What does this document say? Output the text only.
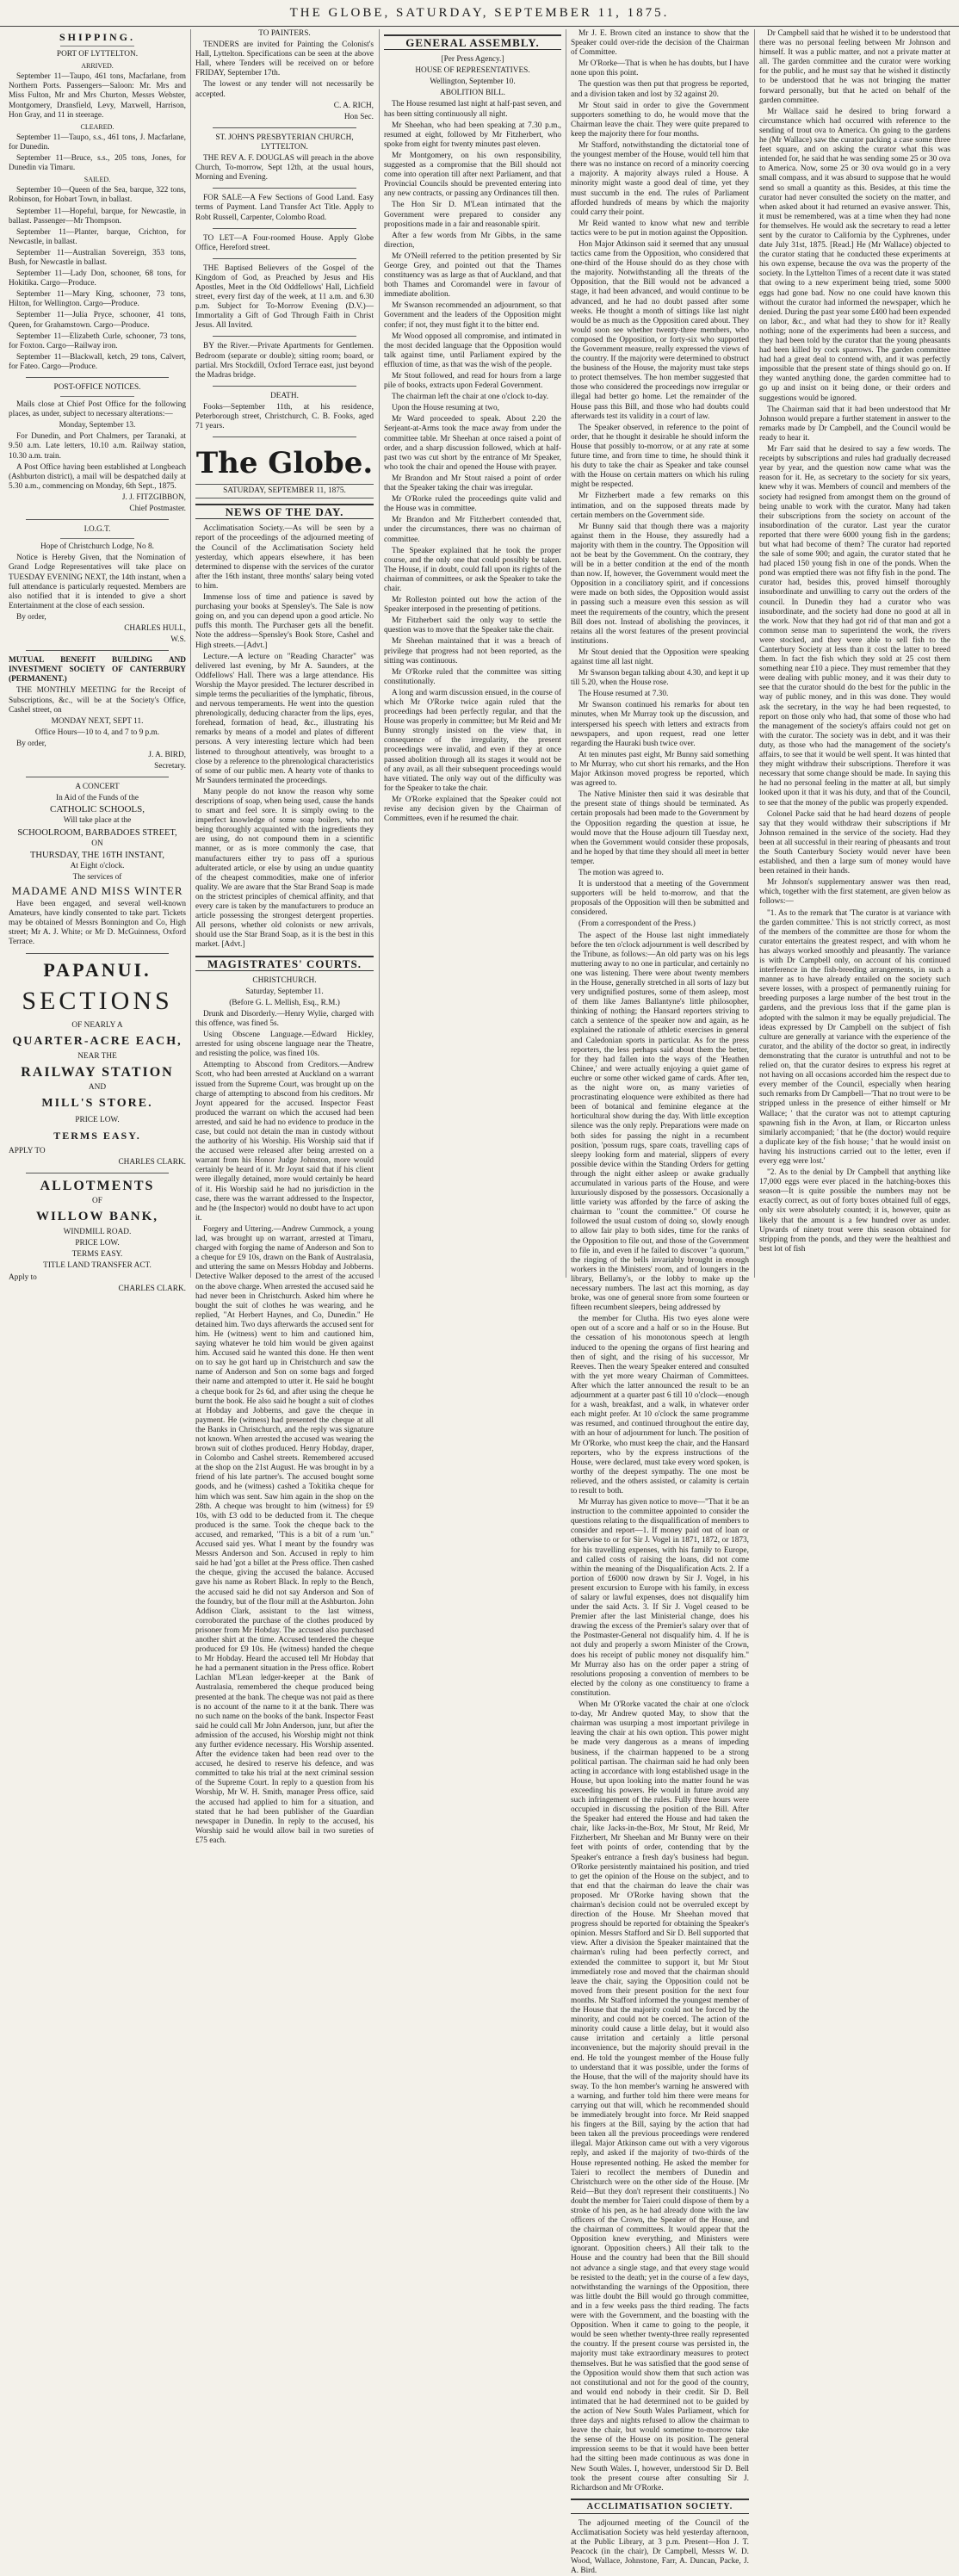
THE GLOBE, SATURDAY, SEPTEMBER 11, 1875.
SHIPPING.

PORT OF LYTTELTON.

ARRIVED.

September 11—Taupo, 461 tons, Macfarlane, from Northern Ports. Passengers—Saloon: Mr. Mrs and Miss Fulton, Mr and Mrs Churton, Messrs Webster, Montgomery, Dransfield, Levy, Maxwell, Harrison, Hon Gray, and 11 in steerage.

CLEARED.

September 11—Taupo, s.s., 461 tons, J. Macfarlane, for Dunedin.

September 11—Bruce, s.s., 205 tons, Jones, for Dunedin via Timaru.

SAILED.

September 10—Queen of the Sea, barque, 322 tons, Robinson, for Hobart Town, in ballast.

September 11—Hopeful, barque, for Newcastle, in ballast. Passenger—Mr Thompson.

September 11—Planter, barque, Crichton, for Newcastle, in ballast.

September 11—Australian Sovereign, 353 tons, Bush, for Newcastle in ballast.

September 11—Lady Don, schooner, 68 tons, for Hokitika. Cargo—Produce.

September 11—Mary King, schooner, 73 tons, Hilton, for Wellington. Cargo—Produce.

September 11—Julia Pryce, schooner, 41 tons, Queen, for Grahamstown. Cargo—Produce.

September 11—Elizabeth Curle, schooner, 73 tons, for Foxton. Cargo—Railway iron.

September 11—Blackwall, ketch, 29 tons, Calvert, for Fateo. Cargo—Produce.

POST-OFFICE NOTICES.

Mails close at Chief Post Office for the following places, as under, subject to necessary alterations:—

Monday, September 13.

For Dunedin, and Port Chalmers, per Taranaki, at 9.50 a.m. Late letters, 10.10 a.m. Railway station, 10.30 a.m. train.

A Post Office having been established at Longbeach (Ashburton district), a mail will be despatched daily at 5.30 a.m., commencing on Monday, 6th Sept., 1875.

J. J. FITZGIBBON,

Chief Postmaster.

I.O.G.T.

Hope of Christchurch Lodge, No 8.

Notice is Hereby Given, that the Nomination of Grand Lodge Representatives will take place on TUESDAY EVENING NEXT, the 14th instant, when a full attendance is particularly requested. Members are also notified that it is intended to give a short Entertainment at the close of each session.

By order,

CHARLES HULL,

W.S.

MUTUAL BENEFIT BUILDING AND INVESTMENT SOCIETY OF CANTERBURY (PERMANENT.)

THE MONTHLY MEETING for the Receipt of Subscriptions, &c., will be at the Society's Office, Cashel street, on

MONDAY NEXT, SEPT 11.

Office Hours—10 to 4, and 7 to 9 p.m.

By order,

J. A. BIRD,

Secretary.

A CONCERT

In Aid of the Funds of the

CATHOLIC SCHOOLS,

Will take place at the

SCHOOLROOM, BARBADOES STREET,

ON

THURSDAY, THE 16TH INSTANT,

At Eight o'clock.

The services of

MADAME AND MISS WINTER

Have been engaged, and several well-known Amateurs, have kindly consented to take part. Tickets may be obtained of Messrs Bonnington and Co, High street; Mr A. J. White; or Mr D. McGuinness, Oxford Terrace.

PAPANUI.
SECTIONS

OF NEARLY A

QUARTER-ACRE EACH,

NEAR THE

RAILWAY STATION

AND

MILL'S STORE.

PRICE LOW.

TERMS EASY.

APPLY TO

CHARLES CLARK.

ALLOTMENTS

OF

WILLOW BANK,

WINDMILL ROAD.

PRICE LOW.

TERMS EASY.

TITLE LAND TRANSFER ACT.

Apply to

CHARLES CLARK.

TO PAINTERS.

TENDERS are invited for Painting the Colonist's Hall, Lyttelton. Specifications can be seen at the above Hall, where Tenders will be received on or before FRIDAY, September 17th.

The lowest or any tender will not necessarily be accepted.

C. A. RICH,

Hon Sec.

ST. JOHN'S PRESBYTERIAN CHURCH, LYTTELTON.

THE REV A. F. DOUGLAS will preach in the above Church, To-morrow, Sept 12th, at the usual hours, Morning and Evening.

FOR SALE—A Few Sections of Good Land. Easy terms of Payment. Land Transfer Act Title. Apply to Robt Russell, Carpenter, Colombo Road.

TO LET—A Four-roomed House. Apply Globe Office, Hereford street.

THE Baptised Believers of the Gospel of the Kingdom of God, as Preached by Jesus and His Apostles, Meet in the Old Oddfellows' Hall, Lichfield street, every first day of the week, at 11 a.m. and 6.30 p.m. Subject for To-Morrow Evening (D.V.)—Immortality a Gift of God Through Faith in Christ Jesus. All Invited.

BY the River.—Private Apartments for Gentlemen. Bedroom (separate or double); sitting room; board, or partial. Mrs Stockdill, Oxford Terrace east, just beyond the Madras bridge.

DEATH.

Fooks—September 11th, at his residence, Peterborough street, Christchurch, C. B. Fooks, aged 71 years.

The Globe.
SATURDAY, SEPTEMBER 11, 1875.
NEWS OF THE DAY.

Acclimatisation Society.—As will be seen by a report of the proceedings of the adjourned meeting of the Council of the Acclimatisation Society held yesterday, which appears elsewhere, it has been determined to dispense with the services of the curator after the 16th instant, three months' salary being voted to him.

Immense loss of time and patience is saved by purchasing your books at Spensley's. The Sale is now going on, and you can depend upon a good article. No puffs this month. The Purchaser gets all the benefit. Note the address—Spensley's Book Store, Cashel and High streets.—[Advt.]

Lecture.—A lecture on "Reading Character" was delivered last evening, by Mr A. Saunders, at the Oddfellows' Hall. There was a large attendance. His Worship the Mayor presided. The lecturer described in simple terms the peculiarities of the lymphatic, fibrous, and nervous temperaments. He went into the question phrenologically, deducing character from the lips, eyes, forehead, formation of head, &c., illustrating his remarks by means of a model and plates of different persons. A very interesting lecture which had been listened to throughout attentively, was brought to a close by a reference to the phrenological characteristics of some of our public men. A hearty vote of thanks to Mr Saunders terminated the proceedings.

Many people do not know the reason why some descriptions of soap, when being used, cause the hands to smart and feel sore. It is simply owing to the imperfect knowledge of some soap boilers, who not being thoroughly acquainted with the ingredients they are using, do not compound them in a scientific manner, or as is more commonly the case, that manufacturers either try to pass off a spurious adulterated article, or else by using an undue quantity of the cheapest commodities, make one of inferior quality. We are aware that the Star Brand Soap is made on the strictest principles of chemical affinity, and that every care is taken by the manufacturers to produce an article possessing the strongest detergent properties. All persons, whether old colonists or new arrivals, should use the Star Brand Soap, as it is the best in this market. [Advt.]

MAGISTRATES' COURTS.

CHRISTCHURCH.

Saturday, September 11.

(Before G. L. Mellish, Esq., R.M.)

Drunk and Disorderly.—Henry Wylie, charged with this offence, was fined 5s.

Using Obscene Language.—Edward Hickley, arrested for using obscene language near the Theatre, and resisting the police, was fined 10s.

Attempting to Abscond from Creditors.—Andrew Scott, who had been arrested at Auckland on a warrant issued from the Supreme Court, was brought up on the charge of attempting to abscond from his creditors. Mr Joynt appeared for the accused. Inspector Feast produced the warrant on which the accused had been arrested, and said he had no evidence to produce in the case, but could not detain the man in custody without the authority of his Worship. His Worship said that if the accused were released after being arrested on a warrant from his Honor Judge Johnston, more would certainly be heard of it. Mr Joynt said that if his client were illegally detained, more would certainly be heard of it. His Worship said he had no jurisdiction in the case, there was the warrant addressed to the Inspector, and he (the Inspector) would no doubt have to act upon it.

Forgery and Uttering.—Andrew Cummock, a young lad, was brought up on warrant, arrested at Timaru, charged with forging the name of Anderson and Son to a cheque for £9 10s, drawn on the Bank of Australasia, and uttering the same on Messrs Hobday and Jobberns. Detective Walker deposed to the arrest of the accused on the above charge. When arrested the accused said he had never been in Christchurch. Asked him where he bought the suit of clothes he was wearing, and he replied, "At Herbert Haynes, and Co, Dunedin." He detained him. Two days afterwards the accused sent for him. He (witness) went to him and cautioned him, saying whatever he told him would be given against him. Accused said he wanted this done. He then went on to say he got hard up in Christchurch and saw the name of Anderson and Son on some bags and forged their name and attempted to utter it. He said he bought a cheque book for 2s 6d, and after using the cheque he burnt the book. He also said he bought a suit of clothes at Hobday and Jobberns, and gave the cheque in payment. He (witness) had presented the cheque at all the Banks in Christchurch, and the reply was signature not known. When arrested the accused was wearing the brown suit of clothes produced. Henry Hobday, draper, in Colombo and Cashel streets. Remembered accused at the shop on the 21st August. He was brought in by a friend of his late partner's. The accused bought some goods, and he (witness) cashed a Tokitika cheque for him which was sent. Saw him again in the shop on the 28th. A cheque was brought to him (witness) for £9 10s, with £3 odd to be deducted from it. The cheque produced is the same. Took the cheque back to the accused, and remarked, "This is a bit of a rum 'un." Accused said yes. What I meant by the foundry was Messrs Anderson and Son. Accused in reply to him said he had 'got a billet at the Press office. Then cashed the cheque, giving the accused the balance. Accused gave his name as Robert Black. In reply to the Bench, the accused said he did not say Anderson and Son of the foundry, but of the flour mill at the Ashburton. John Addison Clark, assistant to the last witness, corroborated the purchase of the clothes produced by prisoner from Mr Hobday. The accused also purchased another shirt at the time. Accused tendered the cheque produced for £9 10s. He (witness) handed the cheque to Mr Hobday. Heard the accused tell Mr Hobday that he had a permanent situation in the Press office. Robert Lachlan M'Lean ledger-keeper at the Bank of Australasia, remembered the cheque produced being presented at the bank. The cheque was not paid as there is no account of the name to it at the bank. There was no such name on the books of the bank. Inspector Feast said he could call Mr John Anderson, junr, but after the admission of the accused, his Worship might not think any further evidence necessary. His Worship assented. After the evidence taken had been read over to the accused, he desired to reserve his defence, and was committed to take his trial at the next criminal session of the Supreme Court. In reply to a question from his Worship, Mr W. H. Smith, manager Press office, said the accused had applied to him for a situation, and stated that he had been publisher of the Guardian newspaper in Dunedin. In reply to the accused, his Worship said he would allow bail in two sureties of £75 each.

GENERAL ASSEMBLY.

[Per Press Agency.]

HOUSE OF REPRESENTATIVES.

Wellington, September 10.

ABOLITION BILL.

The House resumed last night at half-past seven, and has been sitting continuously all night.

Mr Sheehan, who had been speaking at 7.30 p.m., resumed at eight, followed by Mr Fitzherbert, who spoke from eight for twenty minutes past eleven.

Mr Montgomery, on his own responsibility, suggested as a compromise that the Bill should not come into operation till after next Parliament, and that Provincial Councils should be prevented entering into any new contracts, or passing any Ordinances till then.

The Hon Sir D. M'Lean intimated that the Government were prepared to consider any propositions made in a fair and reasonable spirit.

After a few words from Mr Gibbs, in the same direction,

Mr O'Neill referred to the petition presented by Sir George Grey, and pointed out that the Thames constituency was as large as that of Auckland, and that both Thames and Coromandel were in favour of immediate abolition.

Mr Swanson recommended an adjournment, so that Government and the leaders of the Opposition might confer; if not, they must fight it to the bitter end.

Mr Wood opposed all compromise, and intimated in the most decided language that the Opposition would talk against time, until Parliament expired by the effluxion of time, as that was the wish of the people.

Mr Stout followed, and read for hours from a large pile of books, extracts upon Federal Government.

The chairman left the chair at one o'clock to-day.

Upon the House resuming at two,

Mr Ward proceeded to speak. About 2.20 the Serjeant-at-Arms took the mace away from under the committee table. Mr Sheehan at once raised a point of order, and a sharp discussion followed, which at half-past two was cut short by the entrance of Mr Speaker, who took the chair and opened the House with prayer.

Mr Brandon and Mr Stout raised a point of order that the Speaker taking the chair was irregular.

Mr O'Rorke ruled the proceedings quite valid and the House was in committee.

Mr Brandon and Mr Fitzherbert contended that, under the circumstances, there was no chairman of committee.

The Speaker explained that he took the proper course, and the only one that could possibly be taken. The House, if in doubt, could fall upon its rights of the chairman of committees, or ask the Speaker to take the chair.

Mr Rolleston pointed out how the action of the Speaker interposed in the presenting of petitions.

Mr Fitzherbert said the only way to settle the question was to move that the Speaker take the chair.

Mr Sheehan maintained that it was a breach of privilege that progress had not been reported, as the sitting was continuous.

Mr O'Rorke ruled that the committee was sitting constitutionally.

A long and warm discussion ensued, in the course of which Mr O'Rorke twice again ruled that the proceedings had been perfectly regular, and that the House was properly in committee; but Mr Reid and Mr Bunny strongly insisted on the view that, in consequence of the irregularity, the present proceedings were invalid, and even if they at once passed abolition through all its stages it would not be of any avail, as all their subsequent proceedings would have vitiated. The only way out of the difficulty was for the Speaker to take the chair.

Mr O'Rorke explained that the Speaker could not revise any decision given by the Chairman of Committees, even if he resumed the chair.

Mr J. E. Brown cited an instance to show that the Speaker could over-ride the decision of the Chairman of Committee.

Mr O'Rorke—That is when he has doubts, but I have none upon this point.

The question was then put that progress be reported, and a division taken and lost by 32 against 20.

Mr Stout said in order to give the Government supporters something to do, he would move that the Chairman leave the chair. They were quite prepared to keep the majority there for four months.

Mr Stafford, notwithstanding the dictatorial tone of the youngest member of the House, would tell him that there was no instance on record of a minority coercing a majority. A majority always ruled a House. A minority might waste a good deal of time, yet they must succumb in the end. The rules of Parliament afforded hundreds of means by which the majority could carry their point.

Mr Reid wanted to know what new and terrible tactics were to be put in motion against the Opposition.

Hon Major Atkinson said it seemed that any unusual tactics came from the Opposition, who considered that one-third of the House should do as they chose with the majority. Notwithstanding all the threats of the Opposition, that the Bill would not be advanced a stage, it had been advanced, and would continue to be advanced, and he had no doubt passed after some weeks. He thought a month of sittings like last night would be as much as the Opposition cared about. They would soon see whether twenty-three members, who composed the Opposition, or forty-six who supported the Government measure, really expressed the views of the country. If the majority were determined to obstruct the business of the House, the majority must take steps to protect themselves. The hon member suggested that those who considered the proceedings now irregular or illegal had better go home. Let the remainder of the House pass this Bill, and those who had doubts could afterwards test its validity in a court of law.

The Speaker observed, in reference to the point of order, that he thought it desirable he should inform the House that possibly to-morrow, or at any rate at some future time, and from time to time, he should think it his duty to take the chair as Speaker and take counsel with the House on certain matters on which his ruling might be respected.

Mr Fitzherbert made a few remarks on this intimation, and on the supposed threats made by certain members on the Government side.

Mr Bunny said that though there was a majority against them in the House, they assuredly had a majority with them in the country. The Opposition will not be beat by the Government. On the contrary, they will be in a better condition at the end of the month than now. If, however, the Government would meet the Opposition in a conciliatory spirit, and if concessions were made on both sides, the Opposition would assist in passing such a measure even this session as will meet the requirements of the country, which the present Bill does not. Instead of abolishing the provinces, it retains all the worst features of the present provincial institutions.

Mr Stout denied that the Opposition were speaking against time all last night.

Mr Swanson began talking about 4.30, and kept it up till 5.20, when the House rose.

The House resumed at 7.30.

Mr Swanson continued his remarks for about ten minutes, when Mr Murray took up the discussion, and interspersed his speech with letters and extracts from newspapers, and upon request, read one letter regarding the Hauraki bush twice over.

At ten minutes past eight, Mr Bunny said something to Mr Murray, who cut short his remarks, and the Hon Major Atkinson moved progress be reported, which was agreed to.

The Native Minister then said it was desirable that the present state of things should be terminated. As certain proposals had been made to the Government by the Opposition regarding the question at issue, he would move that the House adjourn till Tuesday next, when the Government would consider these proposals, and he hoped by that time they should all meet in better temper.

The motion was agreed to.

It is understood that a meeting of the Government supporters will be held to-morrow, and that the proposals of the Opposition will then be submitted and considered.

(From a correspondent of the Press.)

The aspect of the House last night immediately before the ten o'clock adjournment is well described by the Tribune, as follows:—An old party was on his legs muttering away to no one in particular, and certainly no one was listening. There were about twenty members in the House, generally stretched in all sorts of lazy but very undignified postures, some of them asleep, most of them like James Ballantyne's little philosopher, thinking of nothing; the Hansard reporters striving to catch a sentence of the speaker now and again, as he explained the rationale of athletic exercises in general and Caledonian sports in particular. As for the press reporters, the less perhaps said about them the better, for they had fallen into the ways of the 'Heathen Chinee,' and were actually enjoying a quiet game of euchre or some other wicked game of cards. After ten, as the night wore on, as many varieties of procrastinating eloquence were exhibited as there had been of botanical and feminine elegance at the horticultural show during the day. With little exception silence was the only reply. Preparations were made on both sides for passing the night in a recumbent position, 'possum rugs, spare coats, travelling caps of sleepy looking form and material, slippers of every possible device within the Standing Orders for getting through the night either asleep or awake gradually accumulated in various parts of the House, and were luxuriously disposed by the possessors. Occasionally a little variety was afforded by the farce of asking the chairman to "count the committee." Of course he followed the usual custom of doing so, slowly enough to allow fair play to both sides, time for the ranks of the Opposition to file out, and those of the Government to file in, and even if he failed to discover "a quorum," the ringing of the bells invariably brought in enough workers in the Ministers' room, and of loungers in the library, Bellamy's, or the lobby to make up the necessary numbers. The last act this morning, as day broke, was one of general snore from some fourteen or fifteen recumbent sleepers, being addressed by

the member for Clutha. His two eyes alone were open out of a score and a half or so in the House. But the cessation of his monotonous speech at length induced to the opening the organs of first hearing and then of sight, and the rising of his successor, Mr Reeves. Then the weary Speaker entered and consulted with the yet more weary Chairman of Committees. After which the latter announced the result to be an adjournment at a quarter past 6 till 10 o'clock—enough for a wash, breakfast, and a walk, in whatever order each might prefer. At 10 o'clock the same programme was resumed, and continued throughout the entire day, with an hour of adjournment for lunch. The position of Mr O'Rorke, who must keep the chair, and the Hansard reporters, who by the express instructions of the House, were declared, must take every word spoken, is worthy of the deepest sympathy. The one most be relieved, and the others assisted, or calamity is certain to result to both.

Mr Murray has given notice to move—"That it be an instruction to the committee appointed to consider the questions relating to the disqualification of members to consider and report—1. If money paid out of loan or otherwise to or for Sir J. Vogel in 1871, 1872, or 1873, for his travelling expenses, with his family to Europe, and called costs of raising the loans, did not come within the meaning of the Disqualification Acts. 2. If a portion of £6000 now drawn by Sir J. Vogel, in his present excursion to Europe with his family, in excess of salary or lawful expenses, does not disqualify him under the said Acts. 3. If Sir J. Vogel ceased to be Premier after the last Ministerial change, does his drawing the excess of the Premier's salary over that of the Postmaster-General not disqualify him. 4. If he is not duly and properly a sworn Minister of the Crown, does his receipt of public money not disqualify him." Mr Murray also has on the order paper a string of resolutions proposing a convention of members to be elected by the colony as one constituency to frame a constitution.

When Mr O'Rorke vacated the chair at one o'clock to-day, Mr Andrew quoted May, to show that the chairman was usurping a most important privilege in leaving the chair at his own option. This power might be made very dangerous as a means of impeding business, if the chairman happened to be a strong political partisan. The chairman said he had only been acting in accordance with long established usage in the House, but upon looking into the matter found he was exceeding his powers. He would in future avoid any such infringement of the rules. Fully three hours were occupied in discussing the position of the Bill. After the Speaker had entered the House and had taken the chair, like Jacks-in-the-Box, Mr Stout, Mr Reid, Mr Fitzherbert, Mr Sheehan and Mr Bunny were on their feet with points of order, contending that by the Speaker's entrance a fresh day's business had begun. O'Rorke persistently maintained his position, and tried to get the opinion of the House on the subject, and to that end that the chairman do leave the chair was proposed. Mr O'Rorke having shown that the chairman's decision could not be overruled except by direction of the House. Mr Sheehan moved that progress should be reported for obtaining the Speaker's opinion. Messrs Stafford and Sir D. Bell supported that view. After a division the Speaker maintained that the chairman's ruling had been perfectly correct, and extended the committee to support it, but Mr Stout immediately rose and moved that the chairman should leave the chair, saying the Opposition could not be moved from their present position for the next four months. Mr Stafford informed the youngest member of the House that the majority could not be forced by the minority, and could not be coerced. The action of the minority could cause a little delay, but it would also cause irritation and certainly a little personal inconvenience, but the majority should prevail in the end. He told the youngest member of the House fully to understand that it was possible, under the forms of the House, that the will of the majority should have its sway. To the hon member's warning he answered with a warning, and further told him there were means for carrying out that will, which he recommended should be immediately brought into force. Mr Reid snapped his fingers at the Bill, saying by the action that had been taken all the previous proceedings were rendered illegal. Major Atkinson came out with a very vigorous reply, and asked if the majority of two-thirds of the House represented nothing. He asked the member for Taieri to recollect the members of Dunedin and Christchurch were on the other side of the House. [Mr Reid—But they don't represent their constituents.] No doubt the member for Taieri could dispose of them by a stroke of his pen, as he had already done with the law officers of the Crown, the Speaker of the House, and the chairman of committees. It would appear that the Opposition knew everything, and Ministers were ignorant. Opposition cheers.) All their talk to the House and the country had been that the Bill should not advance a single stage, and that every stage would be resisted to the death; yet in the course of a few days, notwithstanding the warnings of the Opposition, there was little doubt the Bill would go through committee, and in a few weeks pass the third reading. The facts were with the Government, and the boasting with the Opposition. When it came to going to the people, it would be seen whether twenty-three really represented the country. If the present course was persisted in, the majority must take extraordinary measures to protect themselves. But he was satisfied that the good sense of the Opposition would show them that such action was not constitutional and not for the good of the country, and would end nobody in their credit. Sir D. Bell intimated that he had determined not to be guided by the action of New South Wales Parliament, which for three days and nights refused to allow the chairman to leave the chair, but would sometime to-morrow take the sense of the House on its position. The general impression seems to be that it would have been better had the sitting been made continuous as was done in New South Wales. I, however, understood Sir D. Bell took the present course after consulting Sir J. Richardson and Mr O'Rorke.

ACCLIMATISATION SOCIETY.

The adjourned meeting of the Council of the Acclimatisation Society was held yesterday afternoon, at the Public Library, at 3 p.m. Present—Hon J. T. Peacock (in the chair), Dr Campbell, Messrs W. D. Wood, Wallace, Johnstone, Farr, A. Duncan, Packe, J. A. Bird.

Dr Campbell said that he wished it to be understood that there was no personal feeling between Mr Johnson and himself. It was a public matter, and not a private matter at all. The garden committee and the curator were working for the public, and he must say that he wished it distinctly to be understood that he was not bringing the matter forward personally, but that he acted on behalf of the garden committee.

Mr Wallace said he desired to bring forward a circumstance which had occurred with reference to the sending of trout ova to America. On going to the gardens he (Mr Wallace) saw the curator packing a case some three feet square, and on asking the curator what this was intended for, he said that he was sending some 25 or 30 ova to America. Now, some 25 or 30 ova would go in a very small compass, and it was absurd to suppose that he would send so small a quantity as this. Besides, at this time the curator had never consulted the society on the matter, and when asked about it had returned an evasive answer. This, it must be remembered, was at a time when they had none for themselves. He would ask the secretary to read a letter sent by the curator to California by the Cyphrenes, under date July 31st, 1875. [Read.] He (Mr Wallace) objected to the curator stating that he conducted these experiments at his own expense, because the ova was the property of the society. In the Lyttelton Times of a recent date it was stated that owing to a new experiment being tried, some 5000 eggs had gone bad. Now no one could have known this without the curator had informed the newspaper, which he denied. During the past year some £400 had been expended on labor, &c., and what had they to show for it? Really nothing; none of the experiments had been a success, and they had been told by the curator that the young pheasants had been killed by cock sparrows. The garden committee had had a great deal to contend with, and it was perfectly impossible that the present state of things should go on. If they wanted anything done, the garden committee had to go up and insist on it being done, or their orders and suggestions would be ignored.

The Chairman said that it had been understood that Mr Johnson would prepare a further statement in answer to the remarks made by Dr Campbell, and the Council would be ready to hear it.

Mr Farr said that he desired to say a few words. The receipts by subscriptions and rules had gradually decreased year by year, and the question now came what was the reason for it. He, as secretary to the society for six years, knew why it was. Members of council and members of the society had resigned from amongst them on the ground of being unable to work with the curator. Many had taken their subscriptions from the society on account of the insubordination of the curator. Last year the curator reported that there were 6000 young fish in the gardens; but what had become of them? The curator had reported the sale of some 900; and again, the curator stated that he had placed 150 young fish in one of the ponds. When the pond was emptied there was not fifty fish in the pond. The curator had, besides this, proved himself thoroughly insubordinate and unwilling to carry out the orders of the council. In Dunedin they had a curator who was insubordinate, and the society had done no good at all in the work. Now that they had got rid of that man and got a common sense man to superintend the work, the rivers were stocked, and they were able to sell fish to the Canterbury Society at less than it cost the latter to breed them. In fact the fish which they sold at 25 cost them something near £10 a piece. They must remember that they were dealing with public money, and it was their duty to see that the curator should do the best for the public in the way of public money, and in this was done. They would ask the secretary, in the way he had been requested, to report on those only who had, that some of those who had the management of the society's affairs could not get on with the curator. The society was in debt, and it was their duty, as those who had the management of the society's affairs, to see that it would be well spent. It was hinted that they might withdraw their subscriptions. Therefore it was necessary that some change should be made. In saying this he had no personal feeling in the matter at all, but simply looked upon it that it was his duty, and that of the Council, to see that the money of the public was properly expended.

Colonel Packe said that he had heard dozens of people say that they would withdraw their subscriptions if Mr Johnson remained in the service of the society. Had they been at all successful in their rearing of pheasants and trout the South Canterbury Society would never have been established, and then a large sum of money would have been retained in their hands.

Mr Johnson's supplementary answer was then read, which, together with the first statement, are given below as follows:—

"1. As to the remark that 'The curator is at variance with the garden committee.' This is not strictly correct, as most of the members of the committee are those for whom the curator entertains the greatest respect, and with whom he has always worked smoothly and pleasantly. The variance is with Dr Campbell only, on account of his continued interference in the fish-breeding arrangements, in such a manner as to have already entailed on the society such severe losses, with a prospect of permanently ruining for breeding purposes a large number of the best trout in the gardens, and the previous loss that if the game plan is adopted with the salmon it may be equally prejudicial. The ideas expressed by Dr Campbell on the subject of fish culture are generally at variance with the experience of the curator, and the ability of the doctor so great, in indirectly demonstrating that the curator is untruthful and not to be relied on, that the curator desires to express his regret at not having on all occasions accorded him the respect due to every member of the Council, especially when hearing such remarks from Dr Campbell—'That no trout were to be stripped unless in the presence of either himself or Mr Wallace; ' that the curator was not to attempt capturing spawning fish in the Avon, at Ilam, or Riccarton unless similarly accompanied; ' that he (the doctor) would require a duplicate key of the fish house; ' that he would insist on having his instructions carried out to the letter, even if every egg were lost.'

"2. As to the denial by Dr Campbell that anything like 17,000 eggs were ever placed in the hatching-boxes this season—It is quite possible the numbers may not be exactly correct, as out of forty boxes obtained full of eggs, only six were absolutely counted; it is, however, quite as likely that the amount is a few hundred over as under. Upwards of ninety trout were this season obtained for stripping from the ponds, and they were the healthiest and best lot of fish
